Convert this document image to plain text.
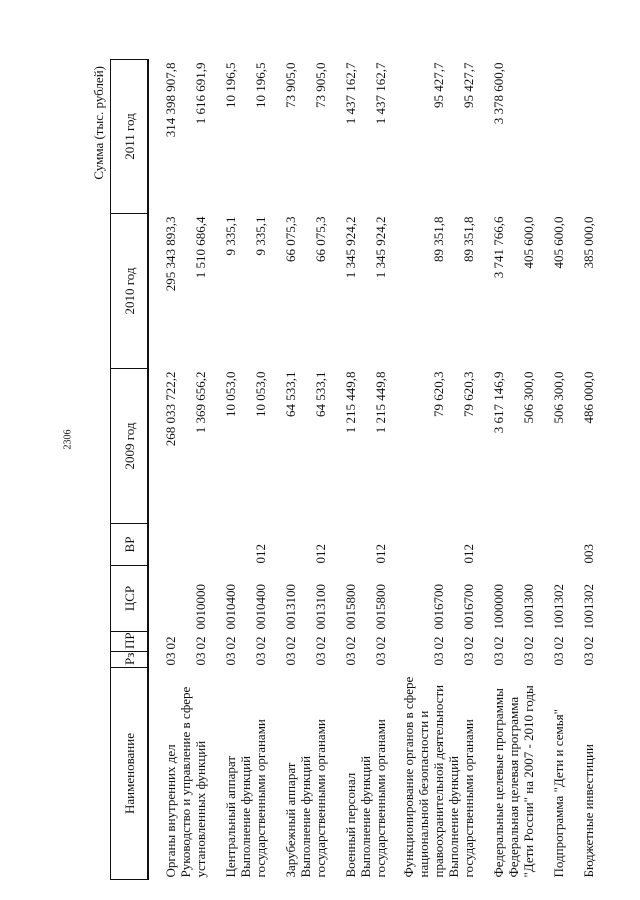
2306
Сумма (тыс. рублей)
Наименование	Рз	ПР	ЦСР	ВР	2009 год	2010 год	2011 год
Органы внутренних дел	03	02			268 033 722,2	295 343 893,3	314 398 907,8
Руководство и управление в сфере установленных функций	03	02	0010000		1 369 656,2	1 510 686,4	1 616 691,9
Центральный аппарат	03	02	0010400		10 053,0	9 335,1	10 196,5
Выполнение функций государственными органами	03	02	0010400	012	10 053,0	9 335,1	10 196,5
Зарубежный аппарат	03	02	0013100		64 533,1	66 075,3	73 905,0
Выполнение функций государственными органами	03	02	0013100	012	64 533,1	66 075,3	73 905,0
Военный персонал	03	02	0015800		1 215 449,8	1 345 924,2	1 437 162,7
Выполнение функций государственными органами	03	02	0015800	012	1 215 449,8	1 345 924,2	1 437 162,7
Функционирование органов в сфере национальной безопасности и правоохранительной деятельности	03	02	0016700		79 620,3	89 351,8	95 427,7
Выполнение функций государственными органами	03	02	0016700	012	79 620,3	89 351,8	95 427,7
Федеральные целевые программы	03	02	1000000		3 617 146,9	3 741 766,6	3 378 600,0
Федеральная целевая программа "Дети России" на 2007 - 2010 годы	03	02	1001300		506 300,0	405 600,0	
Подпрограмма "Дети и семья"	03	02	1001302		506 300,0	405 600,0	
Бюджетные инвестиции	03	02	1001302	003	486 000,0	385 000,0	
